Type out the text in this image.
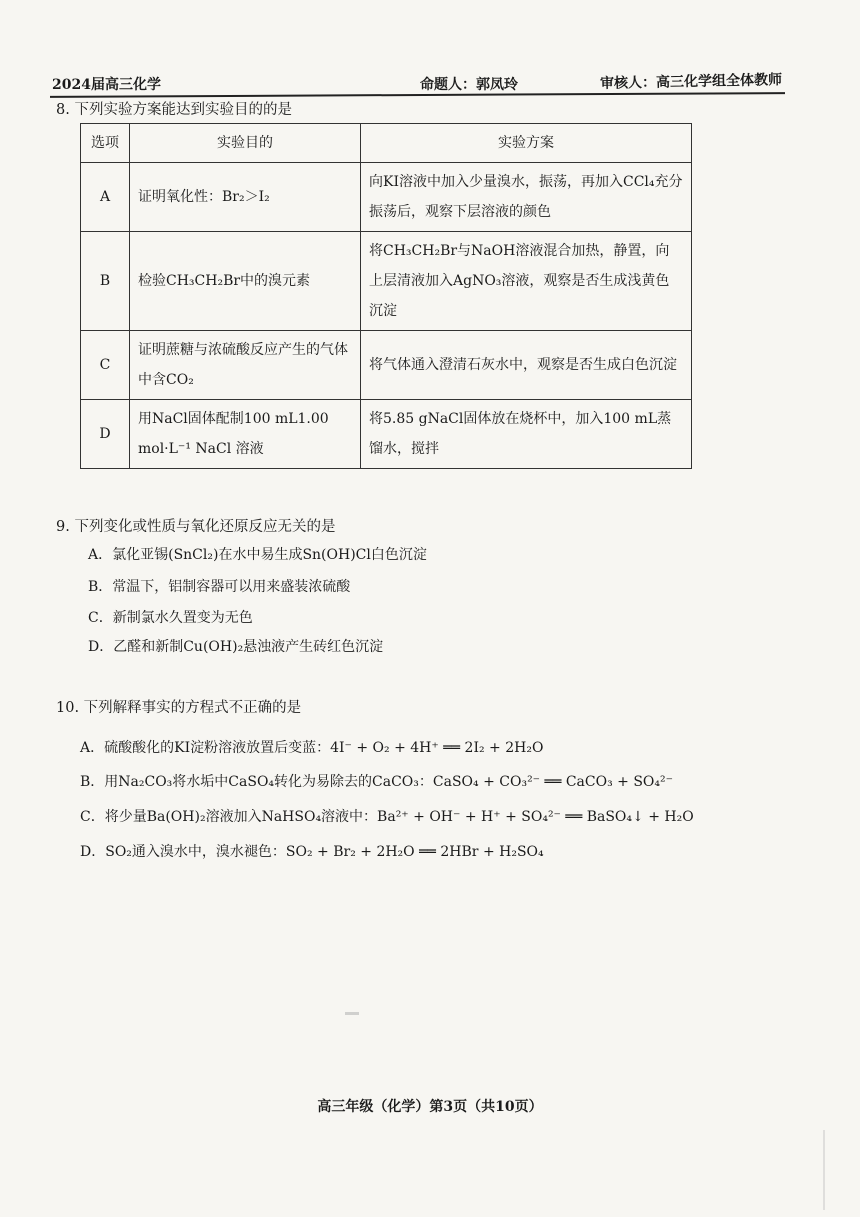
2024届高三化学	命题人：郭凤玲	审核人：高三化学组全体教师
8. 下列实验方案能达到实验目的的是
选项	实验目的	实验方案
A	证明氧化性：Br₂＞I₂	向KI溶液中加入少量溴水，振荡，再加入CCl₄充分振荡后，观察下层溶液的颜色
B	检验CH₃CH₂Br中的溴元素	将CH₃CH₂Br与NaOH溶液混合加热，静置，向上层清液加入AgNO₃溶液，观察是否生成浅黄色沉淀
C	证明蔗糖与浓硫酸反应产生的气体中含CO₂	将气体通入澄清石灰水中，观察是否生成白色沉淀
D	用NaCl固体配制100 mL1.00 mol·L⁻¹ NaCl 溶液	将5.85 gNaCl固体放在烧杯中，加入100 mL蒸馏水，搅拌
9. 下列变化或性质与氧化还原反应无关的是
A．氯化亚锡(SnCl₂)在水中易生成Sn(OH)Cl白色沉淀
B．常温下，铝制容器可以用来盛装浓硫酸
C．新制氯水久置变为无色
D．乙醛和新制Cu(OH)₂悬浊液产生砖红色沉淀
10. 下列解释事实的方程式不正确的是
A．硫酸酸化的KI淀粉溶液放置后变蓝：4I⁻ + O₂ + 4H⁺ ══ 2I₂ + 2H₂O
B．用Na₂CO₃将水垢中CaSO₄转化为易除去的CaCO₃：CaSO₄ + CO₃²⁻ ══ CaCO₃ + SO₄²⁻
C．将少量Ba(OH)₂溶液加入NaHSO₄溶液中：Ba²⁺ + OH⁻ + H⁺ + SO₄²⁻ ══ BaSO₄↓ + H₂O
D．SO₂通入溴水中，溴水褪色：SO₂ + Br₂ + 2H₂O ══ 2HBr + H₂SO₄
高三年级（化学）第3页（共10页）
